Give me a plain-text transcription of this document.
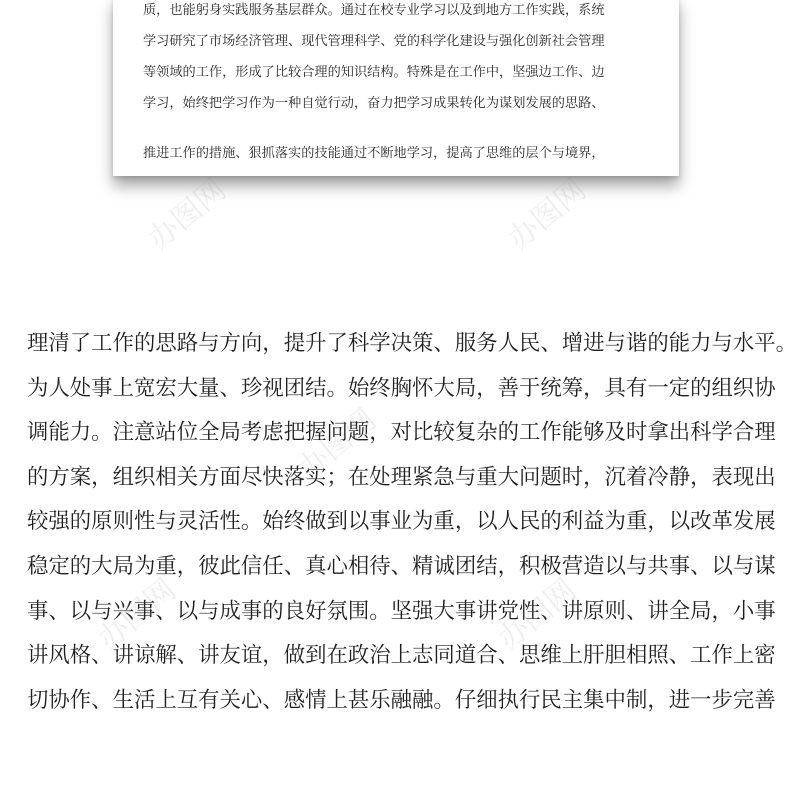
质，也能躬身实践服务基层群众。通过在校专业学习以及到地方工作实践，系统
学习研究了市场经济管理、现代管理科学、党的科学化建设与强化创新社会管理
等领域的工作，形成了比较合理的知识结构。特殊是在工作中，坚强边工作、边
学习，始终把学习作为一种自觉行动，奋力把学习成果转化为谋划发展的思路、
推进工作的措施、狠抓落实的技能通过不断地学习，提高了思维的层个与境界，
理清了工作的思路与方向，提升了科学决策、服务人民、增进与谐的能力与水平。
为人处事上宽宏大量、珍视团结。始终胸怀大局，善于统筹，具有一定的组织协
调能力。注意站位全局考虑把握问题，对比较复杂的工作能够及时拿出科学合理
的方案，组织相关方面尽快落实；在处理紧急与重大问题时，沉着冷静，表现出
较强的原则性与灵活性。始终做到以事业为重，以人民的利益为重，以改革发展
稳定的大局为重，彼此信任、真心相待、精诚团结，积极营造以与共事、以与谋
事、以与兴事、以与成事的良好氛围。坚强大事讲党性、讲原则、讲全局，小事
讲风格、讲谅解、讲友谊，做到在政治上志同道合、思维上肝胆相照、工作上密
切协作、生活上互有关心、感情上甚乐融融。仔细执行民主集中制，进一步完善
办图网	办图网
办图网
办图网	办图网
